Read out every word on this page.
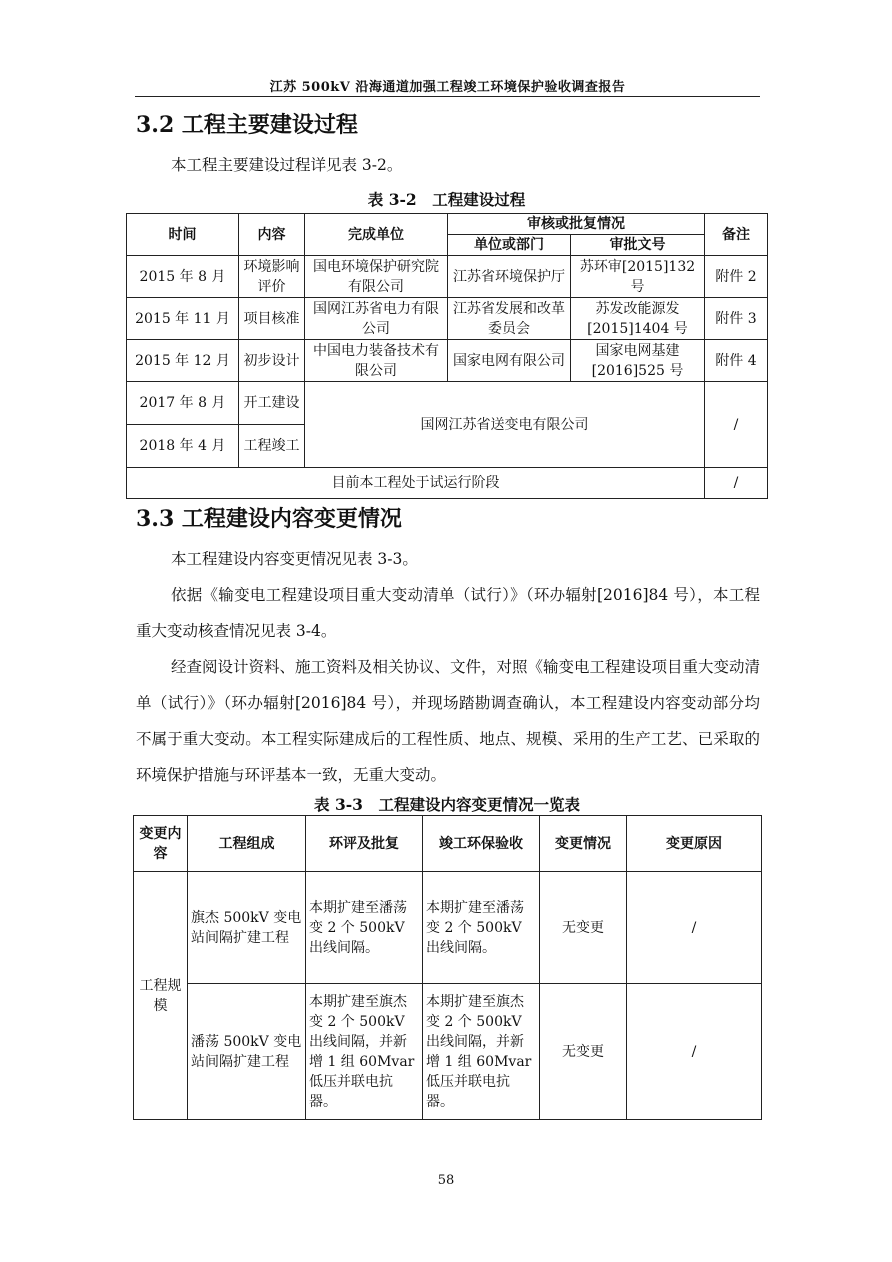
江苏 500kV 沿海通道加强工程竣工环境保护验收调查报告
3.2 工程主要建设过程
本工程主要建设过程详见表 3-2。
表 3-2　工程建设过程
时间	内容	完成单位	审核或批复情况		备注
			单位或部门	审批文号	
2015 年 8 月	环境影响评价	国电环境保护研究院有限公司	江苏省环境保护厅	苏环审[2015]132 号	附件 2
2015 年 11 月	项目核准	国网江苏省电力有限公司	江苏省发展和改革委员会	苏发改能源发[2015]1404 号	附件 3
2015 年 12 月	初步设计	中国电力装备技术有限公司	国家电网有限公司	国家电网基建[2016]525 号	附件 4
2017 年 8 月	开工建设	国网江苏省送变电有限公司			/
2018 年 4 月	工程竣工				
目前本工程处于试运行阶段					/
3.3 工程建设内容变更情况
本工程建设内容变更情况见表 3-3。
依据《输变电工程建设项目重大变动清单（试行）》（环办辐射[2016]84 号），本工程重大变动核查情况见表 3-4。
经查阅设计资料、施工资料及相关协议、文件，对照《输变电工程建设项目重大变动清单（试行）》（环办辐射[2016]84 号），并现场踏勘调查确认，本工程建设内容变动部分均不属于重大变动。本工程实际建成后的工程性质、地点、规模、采用的生产工艺、已采取的环境保护措施与环评基本一致，无重大变动。
表 3-3　工程建设内容变更情况一览表
变更内容	工程组成	环评及批复	竣工环保验收	变更情况	变更原因
工程规模	旗杰 500kV 变电站间隔扩建工程	本期扩建至潘荡变 2 个 500kV 出线间隔。	本期扩建至潘荡变 2 个 500kV 出线间隔。	无变更	/
	潘荡 500kV 变电站间隔扩建工程	本期扩建至旗杰变 2 个 500kV 出线间隔，并新增 1 组 60Mvar 低压并联电抗器。	本期扩建至旗杰变 2 个 500kV 出线间隔，并新增 1 组 60Mvar 低压并联电抗器。	无变更	/
58
